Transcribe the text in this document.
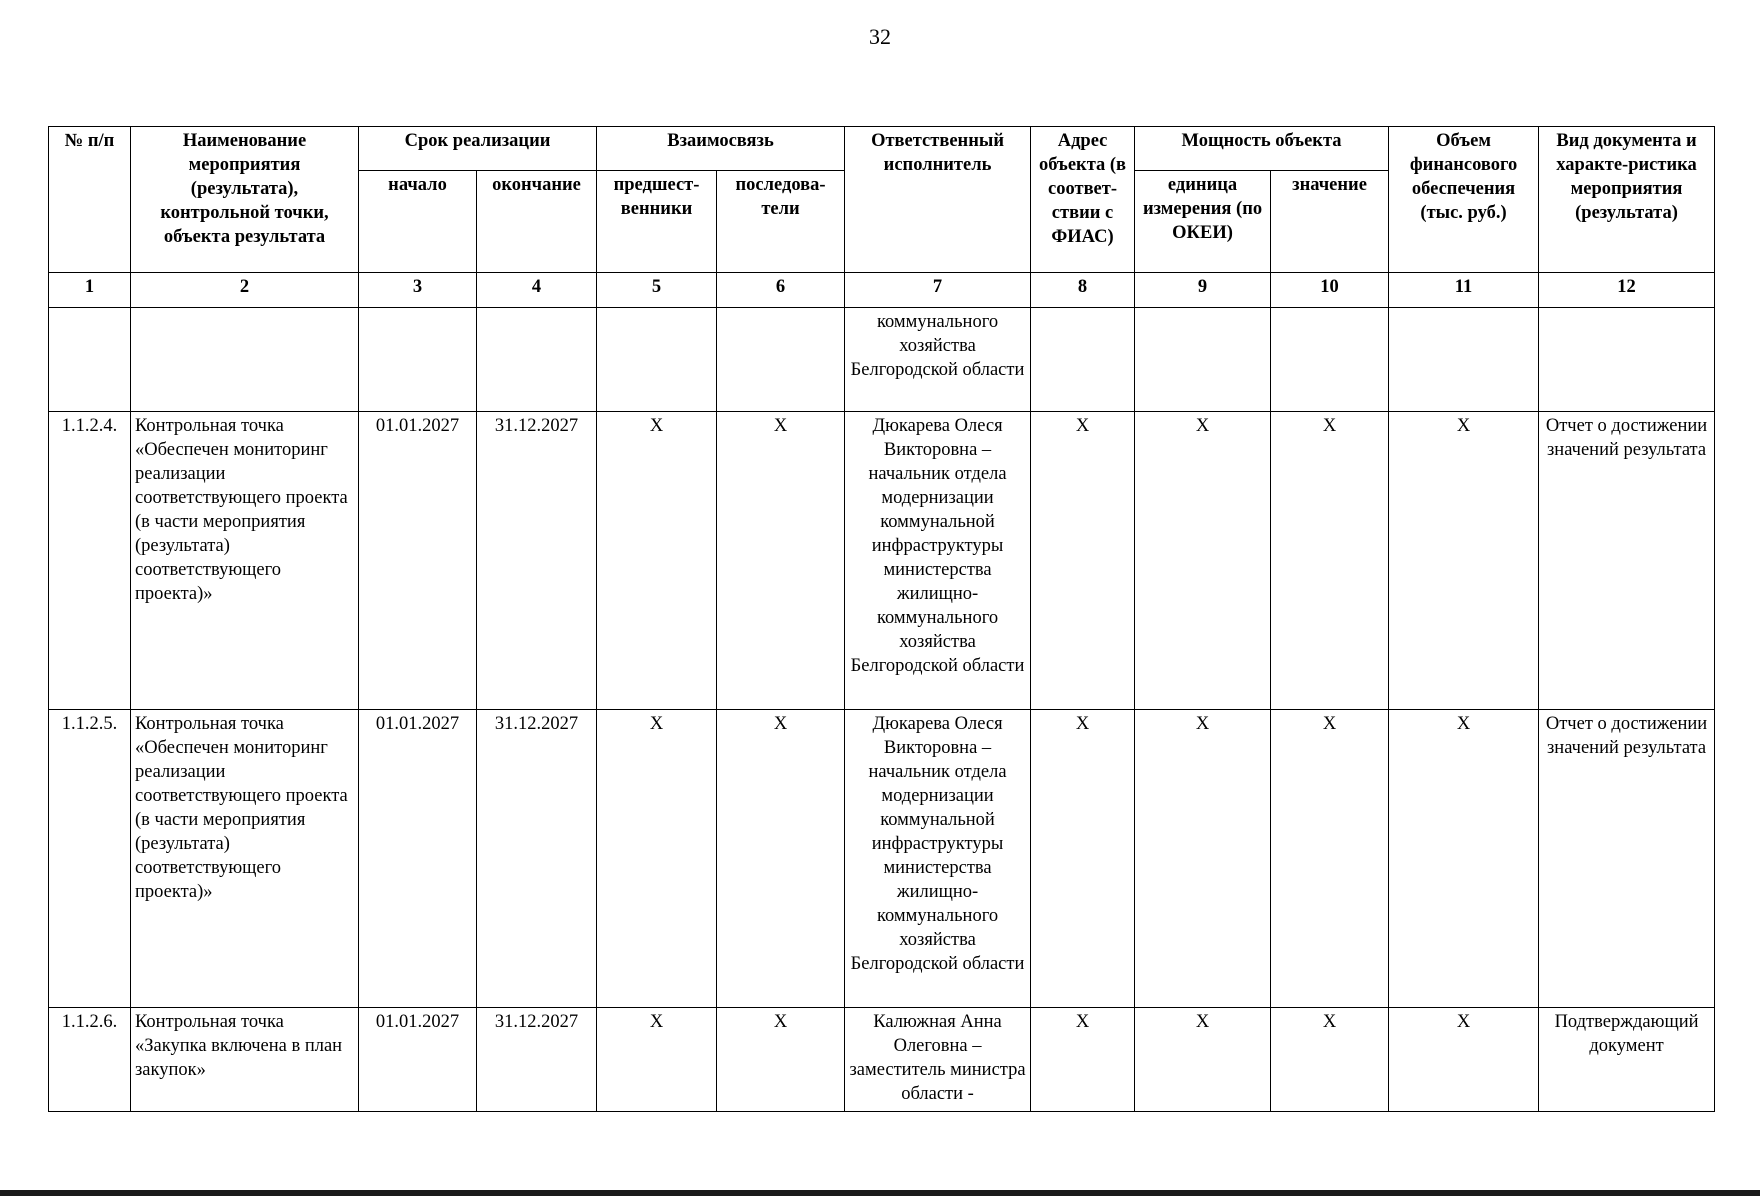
32
№ п/п	Наименование мероприятия (результата), контрольной точки, объекта результата	Срок реализации		Взаимосвязь		Ответственный исполнитель	Адрес объекта (в соответ-ствии с ФИАС)	Мощность объекта		Объем финансового обеспечения (тыс. руб.)	Вид документа и характе-ристика мероприятия (результата)
		начало	окончание	предшест-венники	последова-тели			единица измерения (по ОКЕИ)	значение		
1	2	3	4	5	6	7	8	9	10	11	12
						коммунального хозяйства Белгородской области					
1.1.2.4.	Контрольная точка «Обеспечен мониторинг реализации соответствующего проекта (в части мероприятия (результата) соответствующего проекта)»	01.01.2027	31.12.2027	X	X	Дюкарева Олеся Викторовна – начальник отдела модернизации коммунальной инфраструктуры министерства жилищно-коммунального хозяйства Белгородской области	X	X	X	X	Отчет о достижении значений результата
1.1.2.5.	Контрольная точка «Обеспечен мониторинг реализации соответствующего проекта (в части мероприятия (результата) соответствующего проекта)»	01.01.2027	31.12.2027	X	X	Дюкарева Олеся Викторовна – начальник отдела модернизации коммунальной инфраструктуры министерства жилищно-коммунального хозяйства Белгородской области	X	X	X	X	Отчет о достижении значений результата
1.1.2.6.	Контрольная точка «Закупка включена в план закупок»	01.01.2027	31.12.2027	X	X	Калюжная Анна Олеговна – заместитель министра области -	X	X	X	X	Подтверждающий документ
